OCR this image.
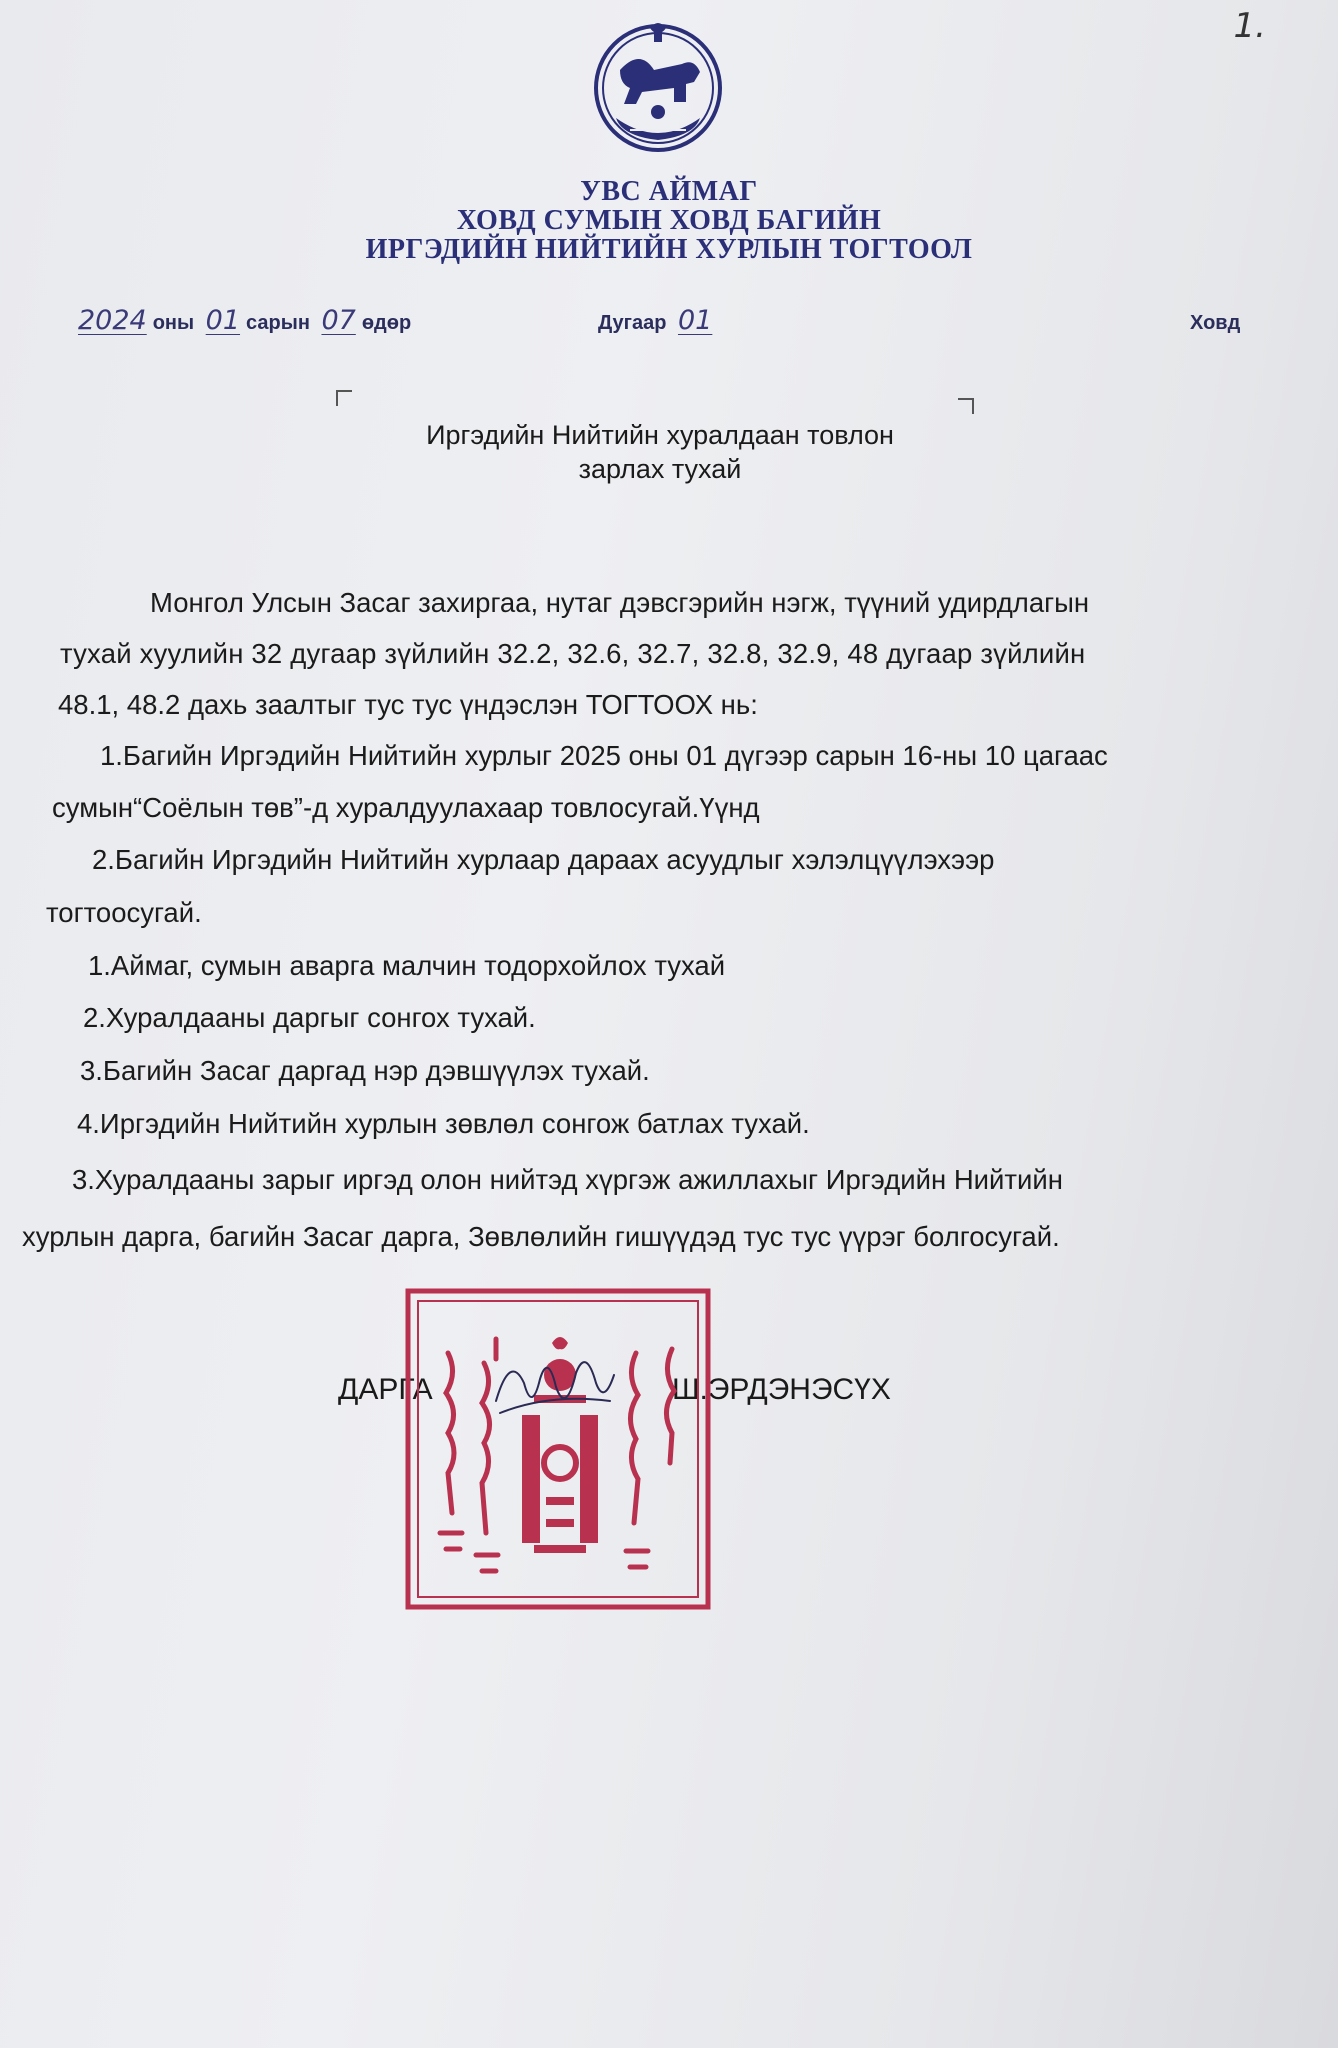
1.
УВС АЙМАГ
ХОВД СУМЫН ХОВД БАГИЙН
ИРГЭДИЙН НИЙТИЙН ХУРЛЫН ТОГТООЛ
2024 оны 01 сарын 07 өдөр	Дугаар 01	Ховд
Иргэдийн Нийтийн хуралдаан товлон
зарлах тухай
Монгол Улсын Засаг захиргаа, нутаг дэвсгэрийн нэгж, түүний удирдлагын
тухай хуулийн 32 дугаар зүйлийн 32.2, 32.6, 32.7, 32.8, 32.9, 48 дугаар зүйлийн
48.1, 48.2 дахь заалтыг тус тус үндэслэн ТОГТООХ нь:
1.Багийн Иргэдийн Нийтийн хурлыг 2025 оны 01 дүгээр сарын 16-ны 10 цагаас
сумын“Соёлын төв”-д хуралдуулахаар товлосугай.Үүнд
2.Багийн Иргэдийн Нийтийн хурлаар дараах асуудлыг хэлэлцүүлэхээр
тогтоосугай.
1.Аймаг, сумын аварга малчин тодорхойлох тухай
2.Хуралдааны даргыг сонгох тухай.
3.Багийн Засаг даргад нэр дэвшүүлэх тухай.
4.Иргэдийн Нийтийн хурлын зөвлөл сонгож батлах тухай.
3.Хуралдааны зарыг иргэд олон нийтэд хүргэж ажиллахыг Иргэдийн Нийтийн
хурлын дарга, багийн Засаг дарга, Зөвлөлийн гишүүдэд тус тус үүрэг болгосугай.
ДАРГА	Ш.ЭРДЭНЭСҮХ
